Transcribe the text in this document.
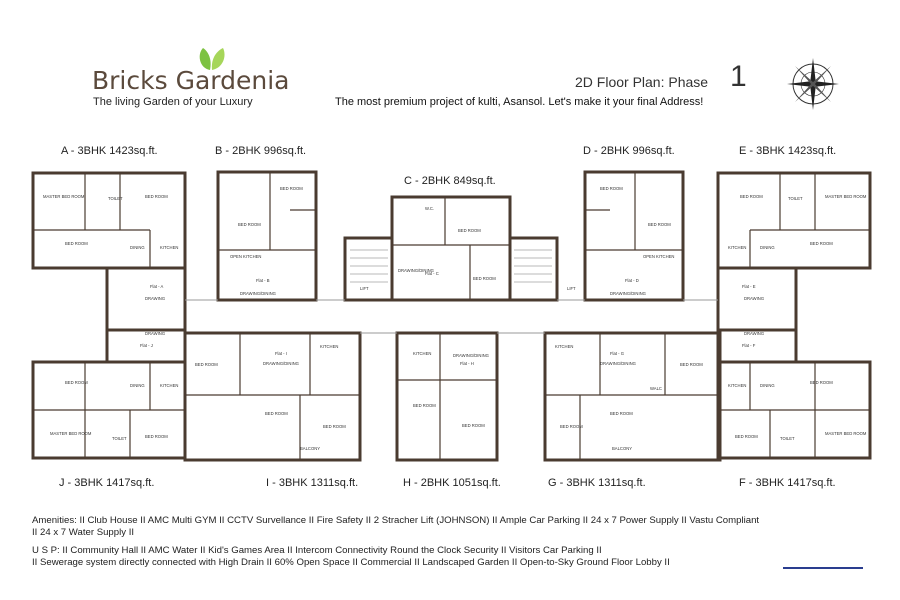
Bricks Gardenia
The living Garden of your Luxury
2D Floor Plan: Phase 1
The most premium project of kulti, Asansol. Let's make it your final Address!
A - 3BHK 1423sq.ft.	B - 2BHK 996sq.ft.
C - 2BHK 849sq.ft.
D - 2BHK 996sq.ft.	E - 3BHK 1423sq.ft.
J - 3BHK 1417sq.ft.	I - 3BHK 1311sq.ft.	H - 2BHK 1051sq.ft.	G - 3BHK 1311sq.ft.	F - 3BHK 1417sq.ft.
Flat - A
Flat - J
Flat - B
Flat - I
Flat - C
Flat - H
Flat - D
Flat - G
Flat - E
Flat - F
BED ROOM
MASTER BED ROOM
BED ROOM
DINING	KITCHEN
DRAWING
DRAWING
BED ROOM
DINING	KITCHEN
MASTER BED ROOM
BED ROOM
BED ROOM
BED ROOM
OPEN KITCHEN
DRAWING/DINING
BED ROOM
BED ROOM
BED ROOM
KITCHEN
DRAWING/DINING
BALCONY
BED ROOM
BED ROOM
DRAWING/DINING
W.C.
KITCHEN	DRAWING/DINING
BED ROOM
BED ROOM
LIFT	LIFT
BED ROOM
BED ROOM
OPEN KITCHEN
DRAWING/DINING
KITCHEN
DRAWING/DINING	BED ROOM
BED ROOM
BED ROOM
WALC
BALCONY
BED ROOM	MASTER BED ROOM
BED ROOM
DINING
KITCHEN
DRAWING
DRAWING
BED ROOM
DINING
KITCHEN
MASTER BED ROOM
BED ROOM
TOILET	TOILET
TOILET	TOILET
Amenities: II Club House II AMC Multi GYM II CCTV Survellance II Fire Safety II 2 Stracher Lift (JOHNSON) II Ample Car Parking II 24 x 7 Power Supply II Vastu Compliant
II 24 x 7 Water Supply II
U S P: II Community Hall II AMC Water II Kid's Games Area II Intercom Connectivity Round the Clock Security II Visitors Car Parking II
II Sewerage system directly connected with High Drain II 60% Open Space II Commercial II Landscaped Garden II Open-to-Sky Ground Floor Lobby II
